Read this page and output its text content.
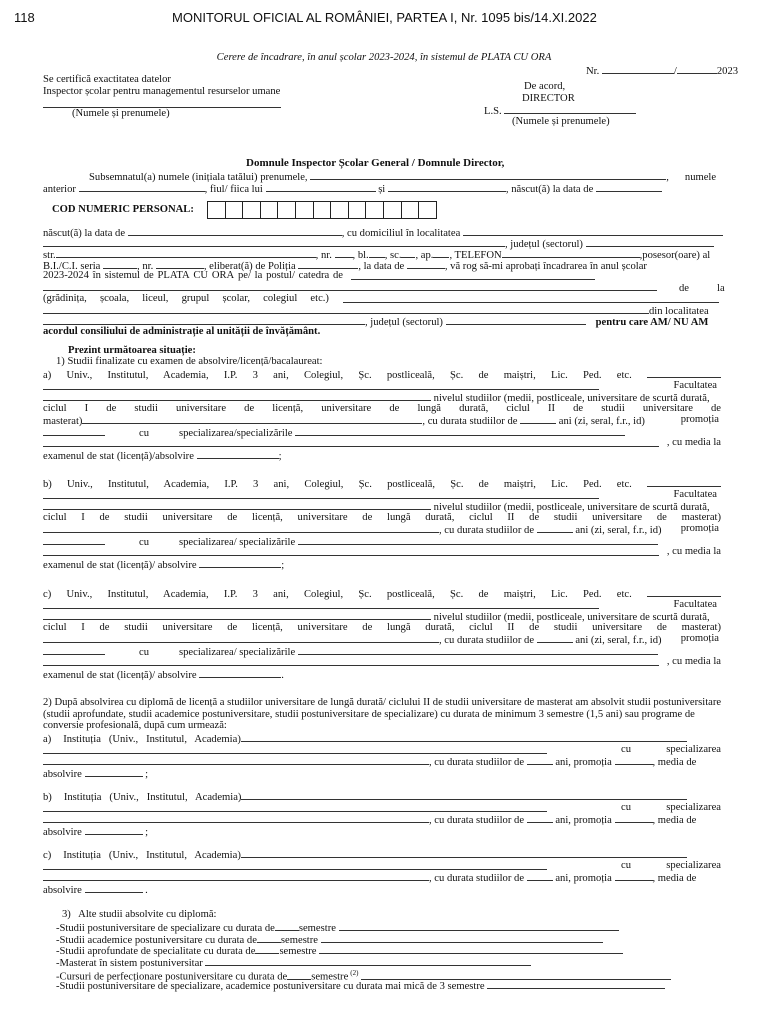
118	MONITORUL OFICIAL AL ROMÂNIEI, PARTEA I, Nr. 1095 bis/14.XI.2022
Cerere de încadrare, în anul școlar 2023-2024, în sistemul de PLATA CU ORA
Nr.	/	2023
Se certifică exactitatea datelor
Inspector școlar pentru managementul resurselor umane
(Numele și prenumele)
De acord,
DIRECTOR
L.S.
(Numele și prenumele)
Domnule Inspector Școlar General / Domnule Director,
Subsemnatul(a) numele (inițiala tatălui) prenumele,	, numele
anterior	, fiul/ fiica lui	și	, născut(ă) la data de
COD NUMERIC PERSONAL:
născut(ă) la data de	, cu domiciliul în localitatea
, județul (sectorul)
str.	, nr. , bl. , sc. , ap. , TELEFON	,posesor(oare) al
B.I./C.I. seria	, nr.	, eliberat(ă) de Poliția	, la data de	, vă rog să-mi aprobați încadrarea în anul școlar
2023-2024 în sistemul de PLATA CU ORA pe/ la postul/ catedra de
de	la
(grădinița, școala, liceul, grupul școlar, colegiul etc.)
din localitatea
, județul (sectorul)	pentru care AM/ NU AM
acordul consiliului de administrație al unității de învățământ.
Prezint următoarea situație:
1) Studii finalizate cu examen de absolvire/licență/bacalaureat:
a) Univ., Institutul, Academia, I.P. 3 ani, Colegiul, Șc. postliceală, Șc. de maiștri, Lic. Ped. etc.
Facultatea
nivelul studiilor (medii, postliceale, universitare de scurtă durată,
ciclul I de studii universitare de licență, universitare de lungă durată, ciclul II de studii universitare de
masterat)	, cu durata studiilor de	ani (zi, seral, f.r., id)	promoția
cu	specializarea/specializările
, cu media la
examenul de stat (licență)/absolvire	;
b) Univ., Institutul, Academia, I.P. 3 ani, Colegiul, Șc. postliceală, Șc. de maiștri, Lic. Ped. etc.
Facultatea
nivelul studiilor (medii, postliceale, universitare de scurtă durată,
ciclul I de studii universitare de licență, universitare de lungă durată, ciclul II de studii universitare de masterat)
, cu durata studiilor de	ani (zi, seral, f.r., id) promoția
cu	specializarea/ specializările
, cu media la
examenul de stat (licență)/ absolvire	;
c) Univ., Institutul, Academia, I.P. 3 ani, Colegiul, Șc. postliceală, Șc. de maiștri, Lic. Ped. etc.
Facultatea
nivelul studiilor (medii, postliceale, universitare de scurtă durată,
ciclul I de studii universitare de licență, universitare de lungă durată, ciclul II de studii universitare de masterat)
, cu durata studiilor de	ani (zi, seral, f.r., id) promoția
cu	specializarea/ specializările
, cu media la
examenul de stat (licență)/ absolvire	.
2) După absolvirea cu diplomă de licență a studiilor universitare de lungă durată/ ciclului II de studii universitare de masterat am absolvit studii postuniversitare
(studii aprofundate, studii academice postuniversitare, studii postuniversitare de specializare) cu durata de minimum 3 semestre (1,5 ani) sau programe de
conversie profesională, după cum urmează:
a) Instituția   (Univ.,   Institutul,   Academia)
cu	specializarea
, cu durata studiilor de	ani, promoția	, media de
absolvire	;
b) Instituția   (Univ.,   Institutul,   Academia)
cu	specializarea
, cu durata studiilor de	ani, promoția	, media de
absolvire	;
c) Instituția   (Univ.,   Institutul,   Academia)
cu	specializarea
, cu durata studiilor de	ani, promoția	, media de
absolvire	.
3)   Alte studii absolvite cu diplomă:
-Studii postuniversitare de specializare cu durata de semestre
-Studii academice postuniversitare cu durata de semestre
-Studii aprofundate de specialitate cu durata de semestre
-Masterat în sistem postuniversitar
-Cursuri de perfecționare postuniversitare cu durata de semestre $^{(2)}$
-Studii postuniversitare de specializare, academice postuniversitare cu durata mai mică de 3 semestre
